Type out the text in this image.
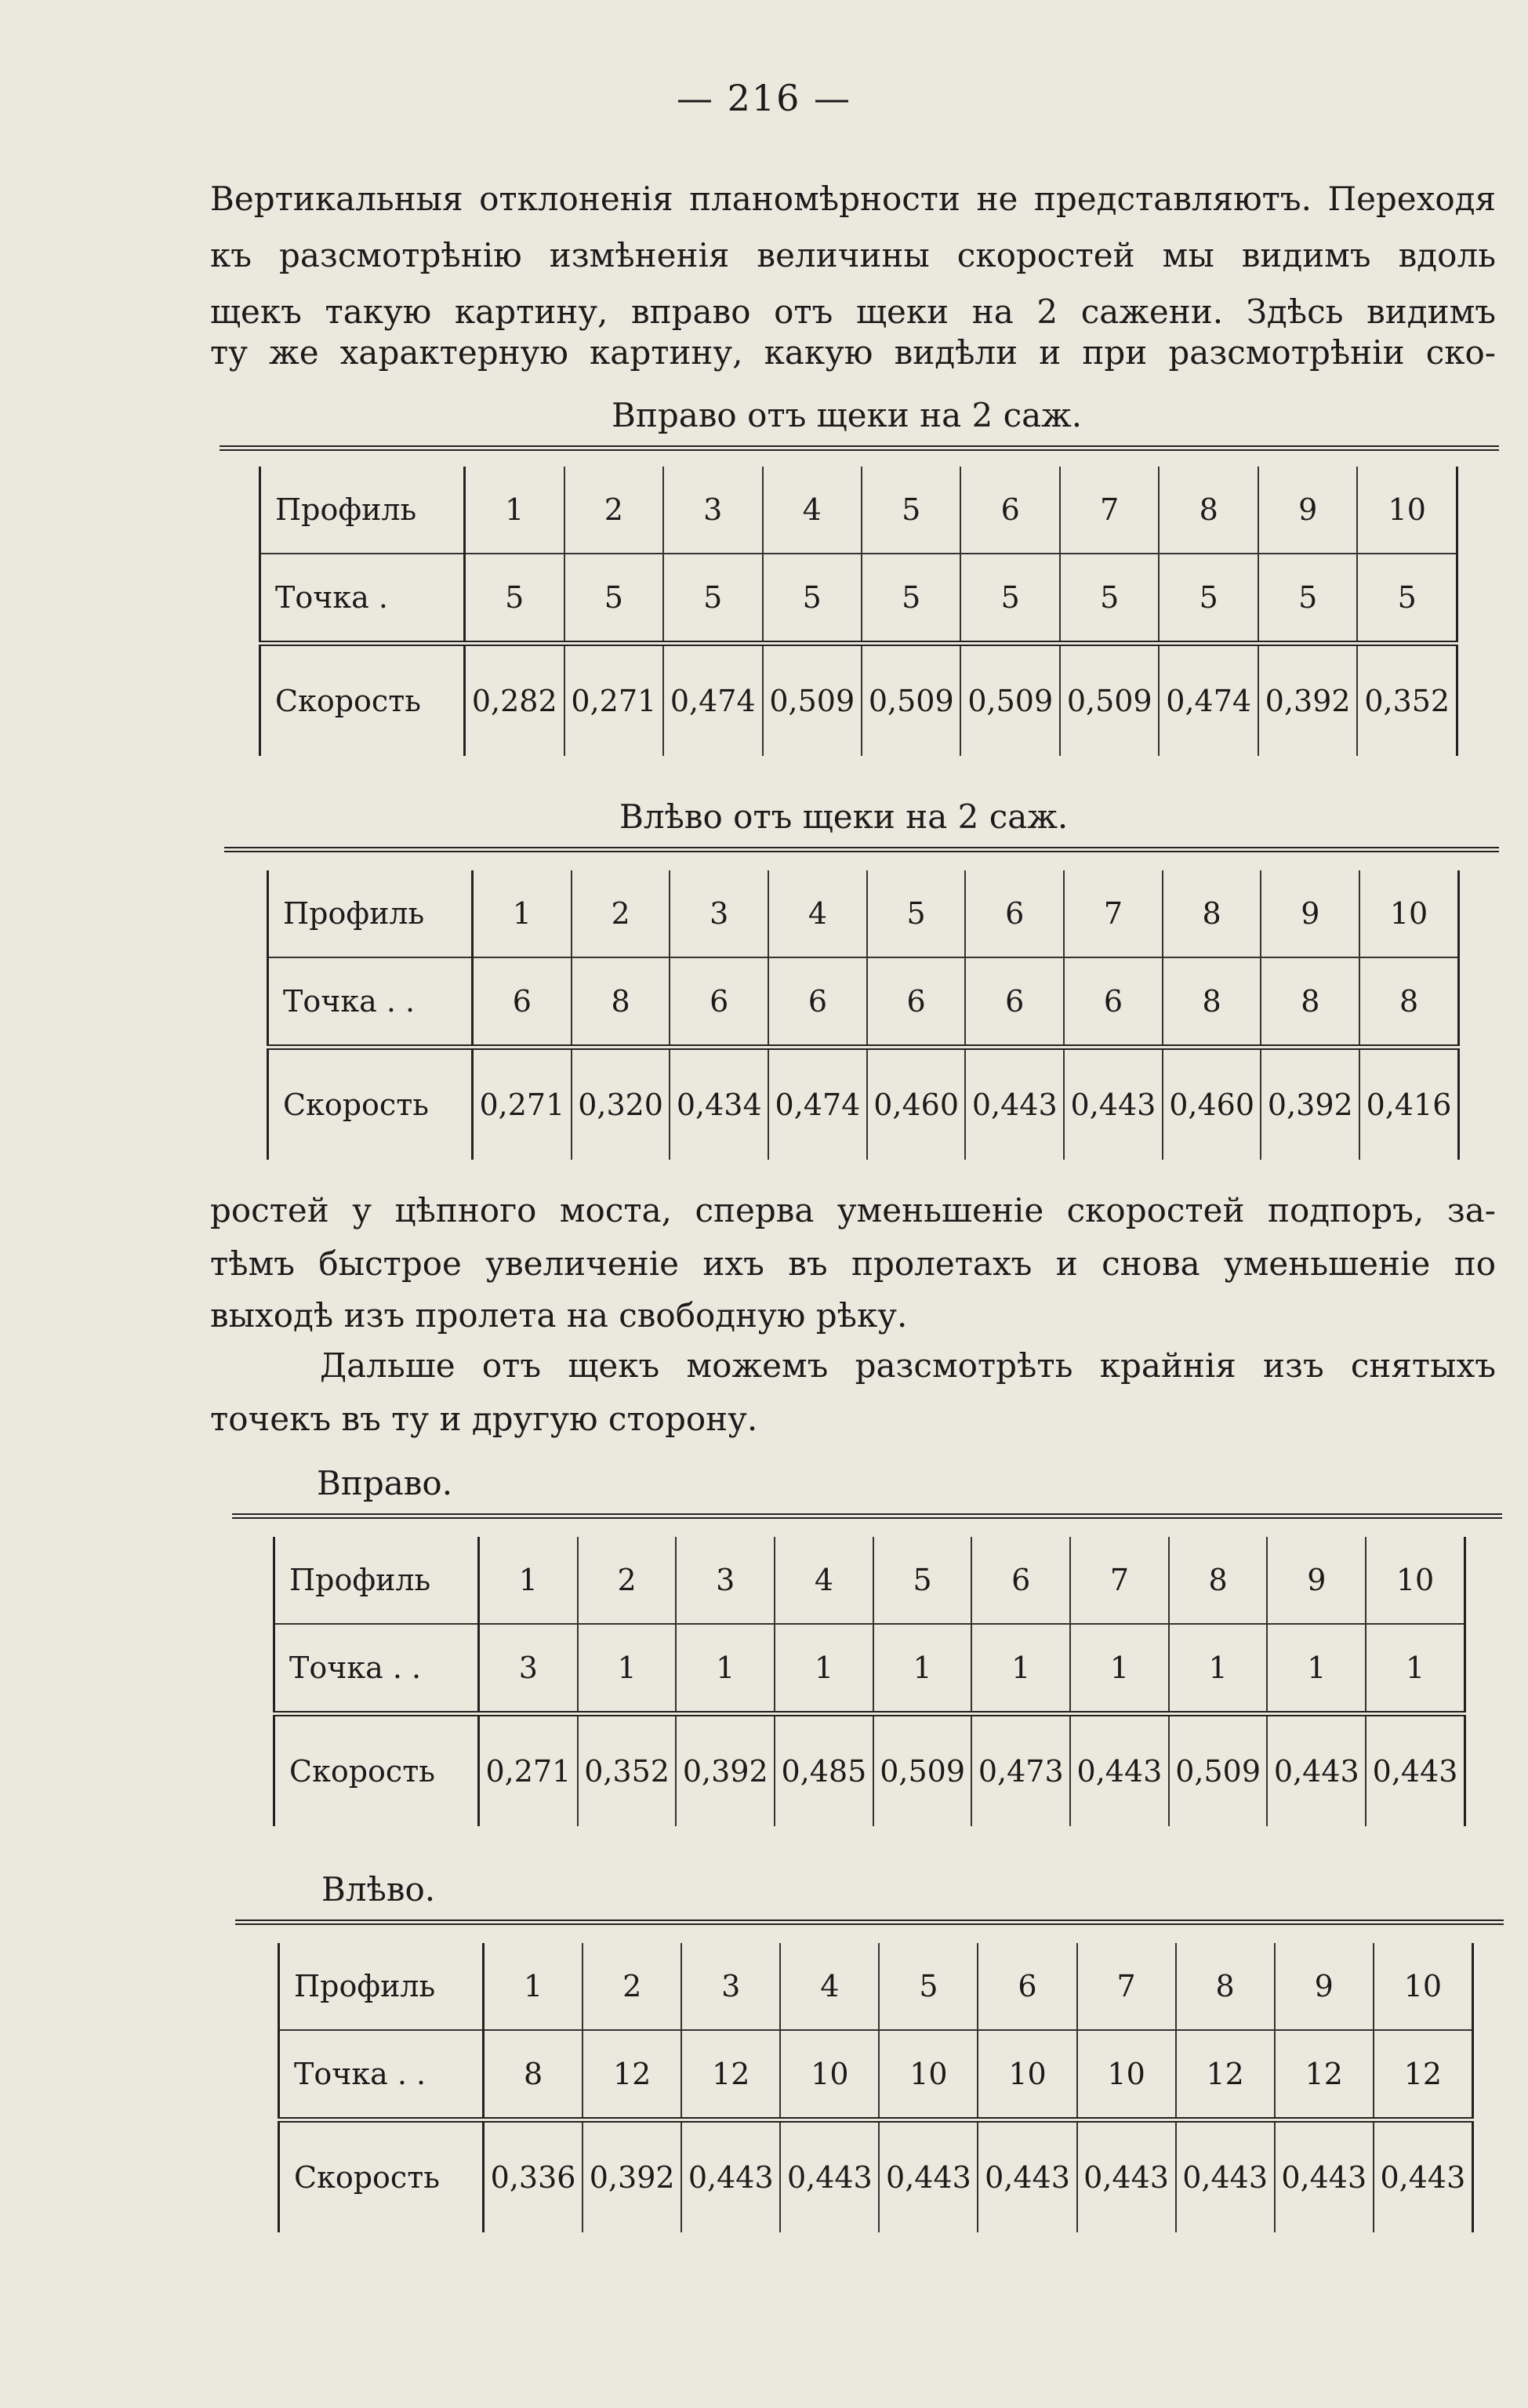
— 216 —

Вертикальныя отклоненія планомѣрности не представляютъ. Переходя

къ разсмотрѣнію измѣненія величины скоростей мы видимъ вдоль

щекъ такую картину, вправо отъ щеки на 2 сажени. Здѣсь видимъ

ту же характерную картину, какую видѣли и при разсмотрѣніи ско-

Вправо отъ щеки на 2 саж.

Профиль	1	2	3	4	5	6	7	8	9	10
Точка .	5	5	5	5	5	5	5	5	5	5
Скорость	0,282	0,271	0,474	0,509	0,509	0,509	0,509	0,474	0,392	0,352

Влѣво отъ щеки на 2 саж.

Профиль	1	2	3	4	5	6	7	8	9	10
Точка . .	6	8	6	6	6	6	6	8	8	8
Скорость	0,271	0,320	0,434	0,474	0,460	0,443	0,443	0,460	0,392	0,416

ростей у цѣпного моста, сперва уменьшеніе скоростей подпоръ, за-

тѣмъ быстрое увеличеніе ихъ въ пролетахъ и снова уменьшеніе по

выходѣ изъ пролета на свободную рѣку.

Дальше отъ щекъ можемъ разсмотрѣть крайнія изъ снятыхъ

точекъ въ ту и другую сторону.

Вправо.

Профиль	1	2	3	4	5	6	7	8	9	10
Точка . .	3	1	1	1	1	1	1	1	1	1
Скорость	0,271	0,352	0,392	0,485	0,509	0,473	0,443	0,509	0,443	0,443

Влѣво.

Профиль	1	2	3	4	5	6	7	8	9	10
Точка . .	8	12	12	10	10	10	10	12	12	12
Скорость	0,336	0,392	0,443	0,443	0,443	0,443	0,443	0,443	0,443	0,443
